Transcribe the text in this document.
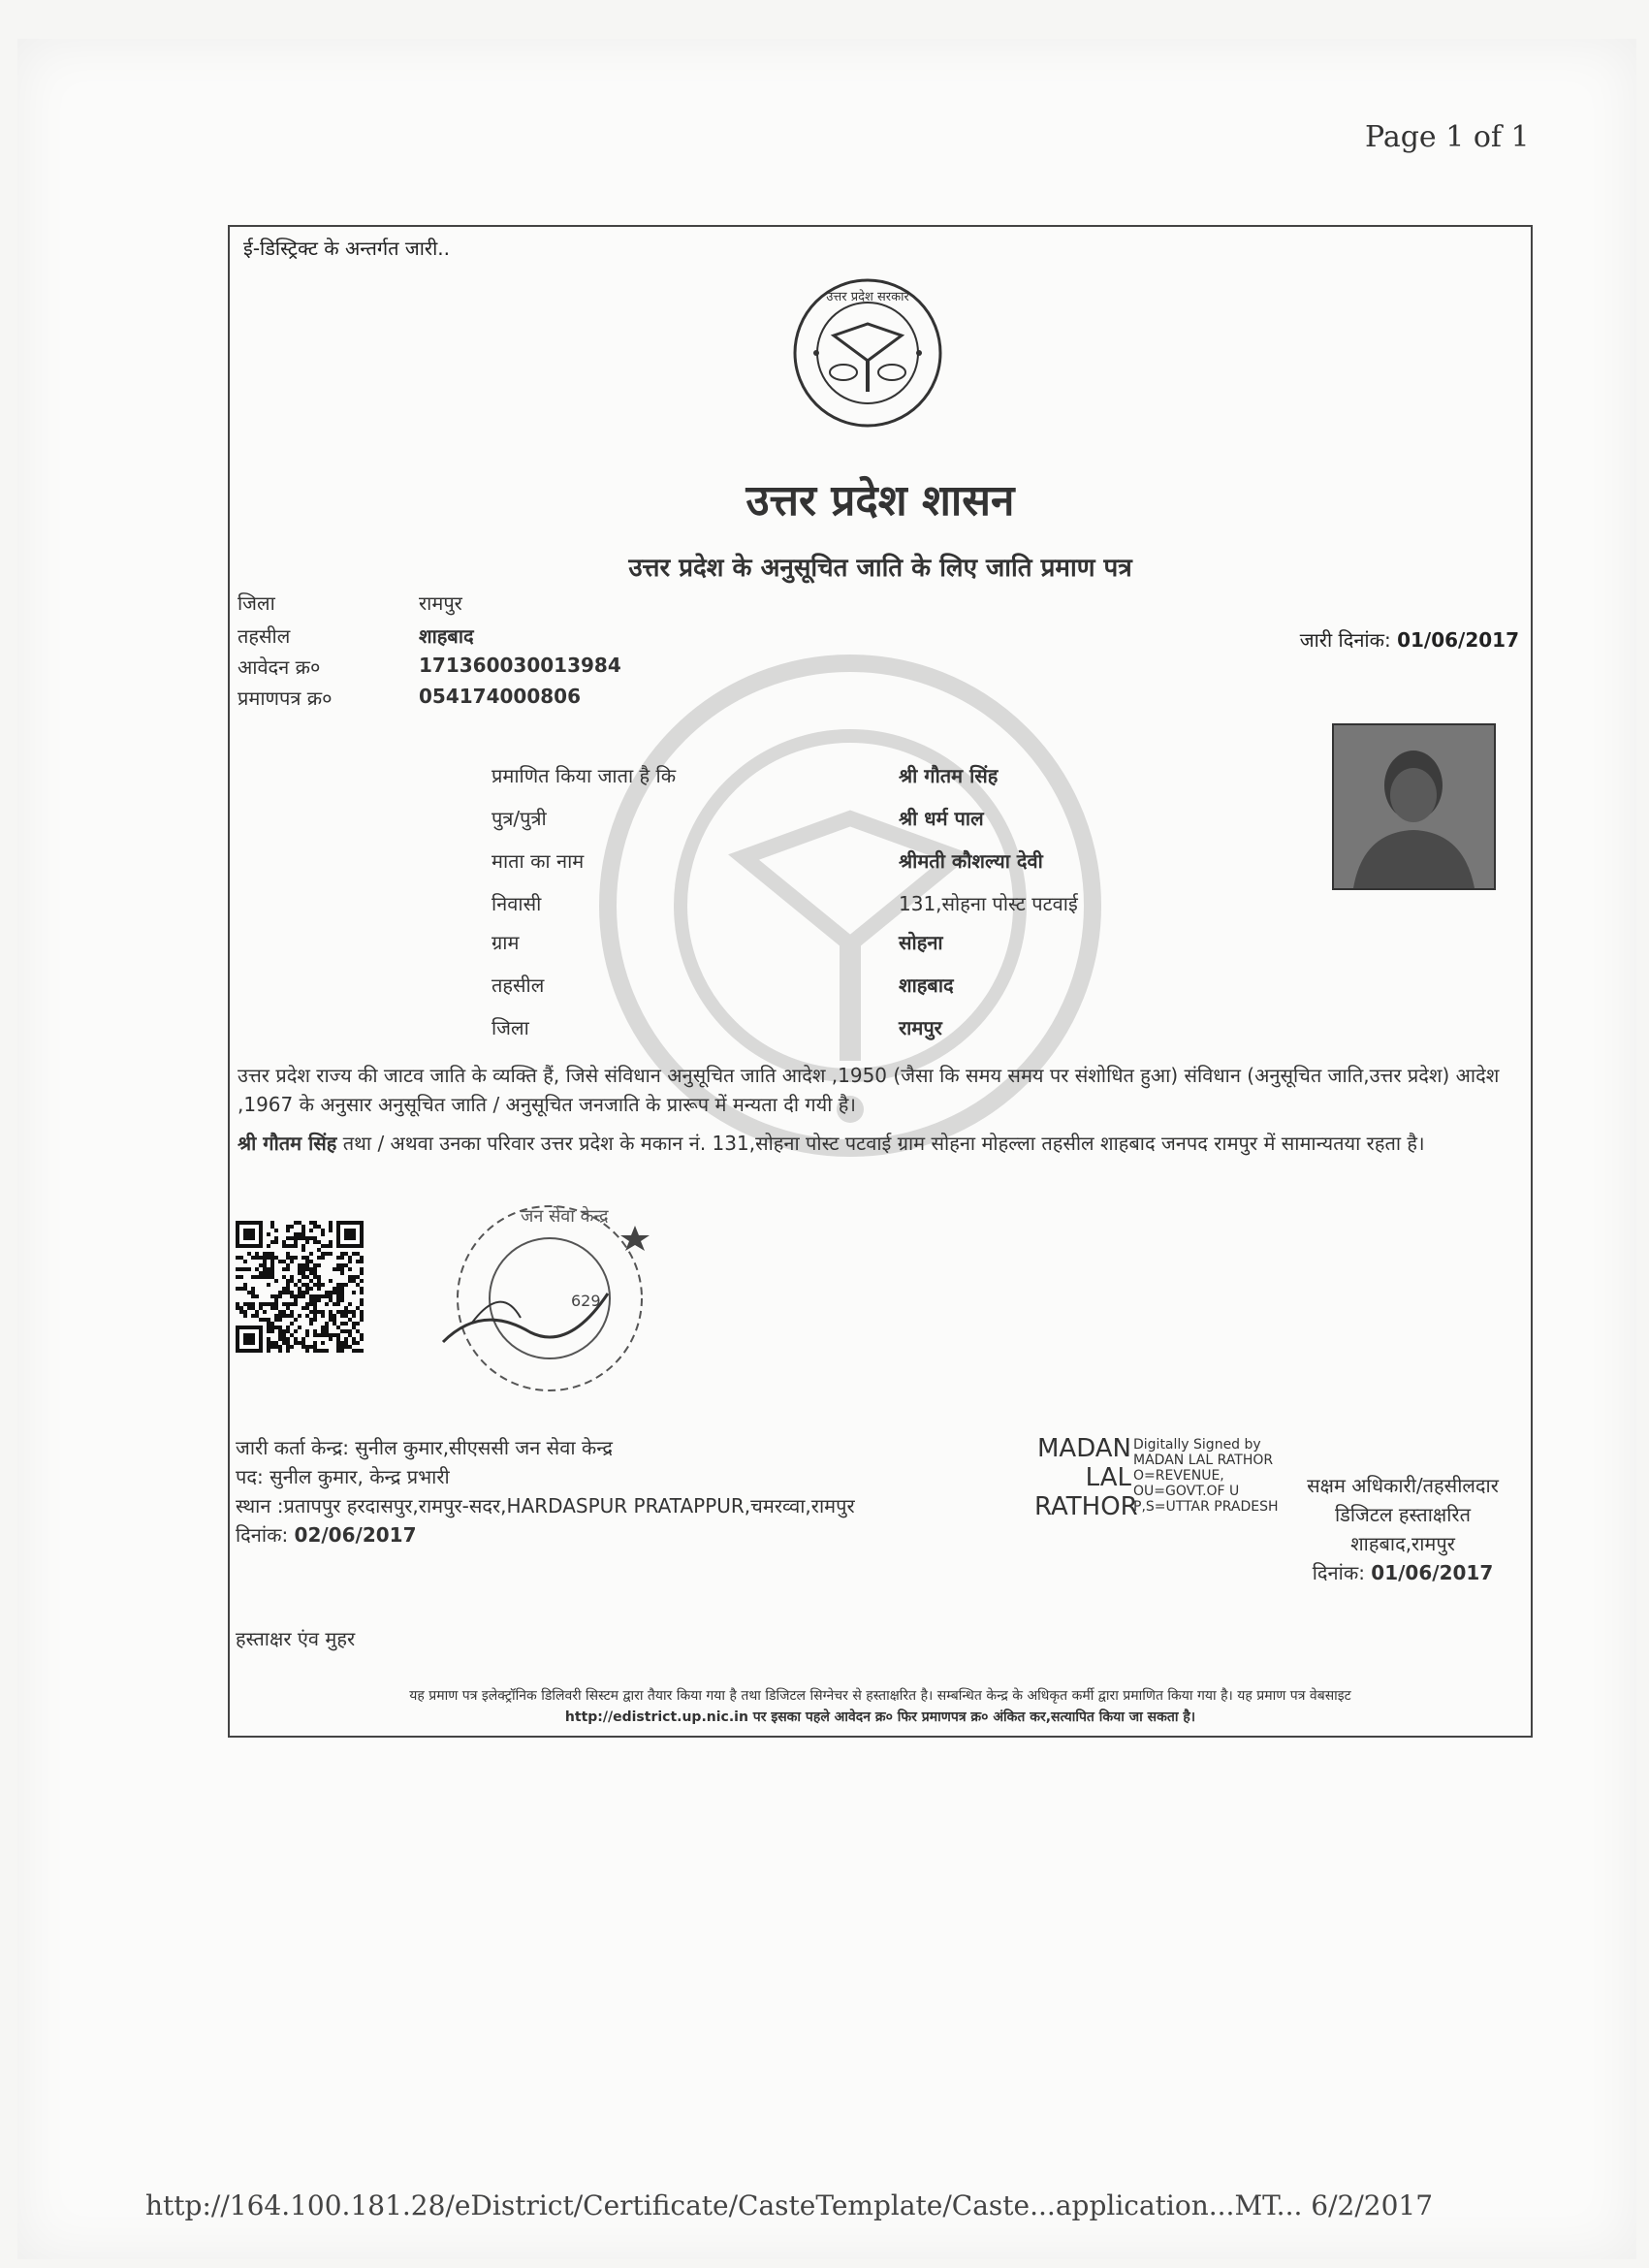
Page 1 of 1
ई-डिस्ट्रिक्ट के अन्तर्गत जारी..
उत्तर प्रदेश सरकार
उत्तर प्रदेश शासन
उत्तर प्रदेश के अनुसूचित जाति के लिए जाति प्रमाण पत्र
जिला	रामपुर
तहसील	शाहबाद
आवेदन क्र०	171360030013984
प्रमाणपत्र क्र०	054174000806
जारी दिनांक: 01/06/2017
प्रमाणित किया जाता है कि	श्री गौतम सिंह
पुत्र/पुत्री	श्री धर्म पाल
माता का नाम	श्रीमती कौशल्या देवी
निवासी	131,सोहना पोस्ट पटवाई
ग्राम	सोहना
तहसील	शाहबाद
जिला	रामपुर
उत्तर प्रदेश राज्य की जाटव जाति के व्यक्ति हैं, जिसे संविधान अनुसूचित जाति आदेश ,1950 (जैसा कि समय समय पर संशोधित हुआ) संविधान (अनुसूचित जाति,उत्तर प्रदेश) आदेश ,1967 के अनुसार अनुसूचित जाति / अनुसूचित जनजाति के प्रारूप में मन्यता दी गयी है।
श्री गौतम सिंह तथा / अथवा उनका परिवार उत्तर प्रदेश के मकान नं. 131,सोहना पोस्ट पटवाई ग्राम सोहना मोहल्ला तहसील शाहबाद जनपद रामपुर में सामान्यतया रहता है।
जन सेवा केन्द्र
629
जारी कर्ता केन्द्र: सुनील कुमार,सीएससी जन सेवा केन्द्र
पद: सुनील कुमार, केन्द्र प्रभारी
स्थान :प्रतापपुर हरदासपुर,रामपुर-सदर,HARDASPUR PRATAPPUR,चमरव्वा,रामपुर
दिनांक: 02/06/2017
MADAN
LAL
RATHOR
Digitally Signed by MADAN LAL RATHOR O=REVENUE, OU=GOVT.OF U P,S=UTTAR PRADESH
सक्षम अधिकारी/तहसीलदार
डिजिटल हस्ताक्षरित
शाहबाद,रामपुर
दिनांक: 01/06/2017
हस्ताक्षर एंव मुहर
यह प्रमाण पत्र इलेक्ट्रॉनिक डिलिवरी सिस्टम द्वारा तैयार किया गया है तथा डिजिटल सिग्नेचर से हस्ताक्षरित है। सम्बन्धित केन्द्र के अधिकृत कर्मी द्वारा प्रमाणित किया गया है। यह प्रमाण पत्र वेबसाइट
http://edistrict.up.nic.in पर इसका पहले आवेदन क्र० फिर प्रमाणपत्र क्र० अंकित कर,सत्यापित किया जा सकता है।
http://164.100.181.28/eDistrict/Certificate/CasteTemplate/Caste...application...MT... 6/2/2017
